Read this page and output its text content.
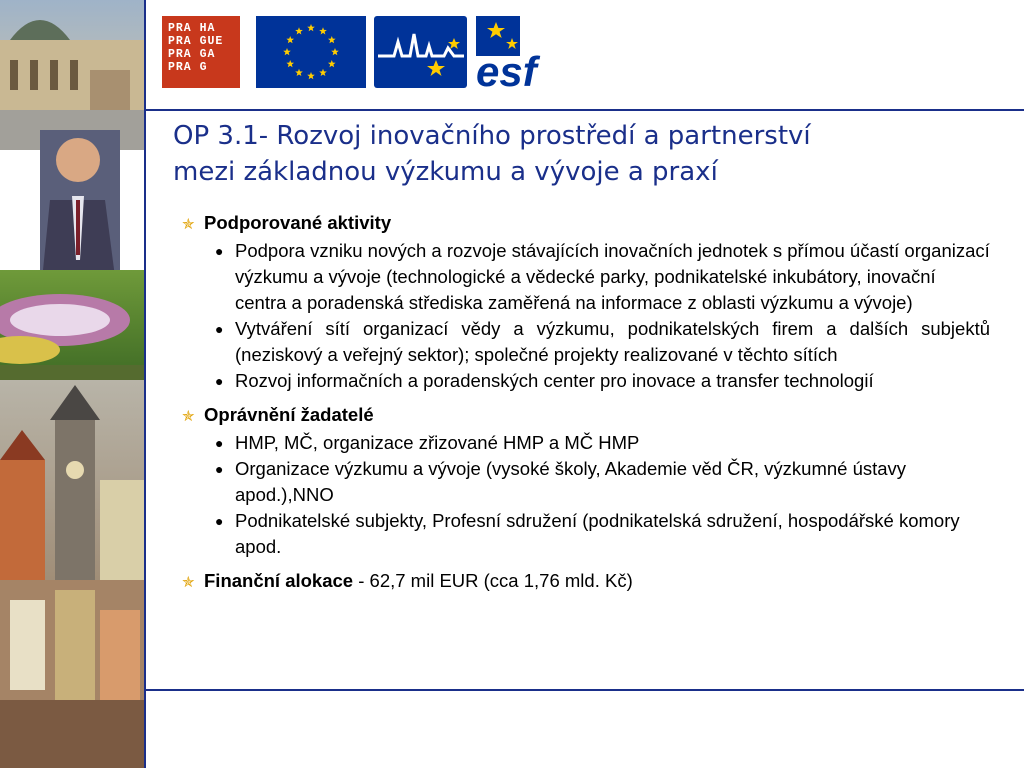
PRA HA
PRA GUE
PRA GA
PRA G	esf
OP 3.1- Rozvoj inovačního prostředí a partnerství
mezi základnou výzkumu a vývoje a praxí
✯ Podporované aktivity
● Podpora vzniku nových a rozvoje stávajících inovačních jednotek s přímou účastí organizací výzkumu a vývoje (technologické a vědecké parky, podnikatelské inkubátory, inovační centra a poradenská střediska zaměřená na informace z oblasti výzkumu a vývoje)
● Vytváření sítí organizací vědy a výzkumu, podnikatelských firem a dalších subjektů (neziskový a veřejný sektor); společné projekty realizované v těchto sítích
● Rozvoj informačních a poradenských center pro inovace a transfer technologií
✯ Oprávnění žadatelé
● HMP, MČ, organizace zřizované HMP a MČ HMP
● Organizace výzkumu a vývoje (vysoké školy, Akademie věd ČR, výzkumné ústavy apod.),NNO
● Podnikatelské subjekty, Profesní sdružení (podnikatelská sdružení, hospodářské komory apod.
✯ Finanční alokace - 62,7 mil EUR (cca 1,76 mld. Kč)
